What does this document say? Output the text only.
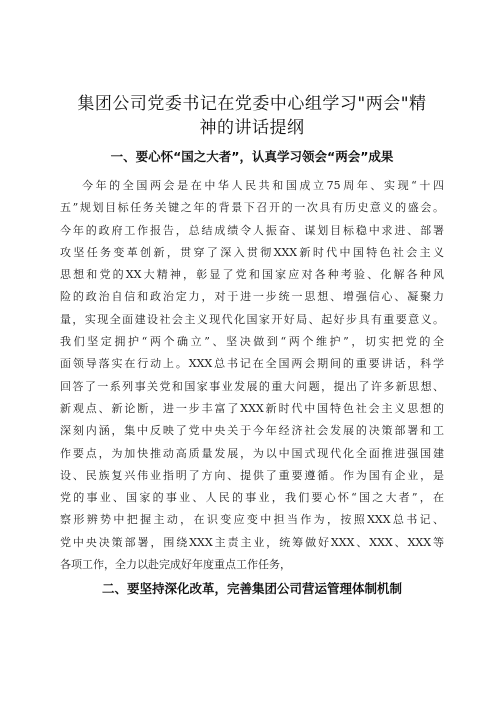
集团公司党委书记在党委中心组学习"两会"精
神的讲话提纲
一、要心怀“国之大者”，认真学习领会“两会”成果
今年的全国两会是在中华人民共和国成立75周年、实现“十四
五”规划目标任务关键之年的背景下召开的一次具有历史意义的盛会。
今年的政府工作报告，总结成绩令人振奋、谋划目标稳中求进、部署
攻坚任务变革创新，贯穿了深入贯彻XXX新时代中国特色社会主义
思想和党的XX大精神，彰显了党和国家应对各种考验、化解各种风
险的政治自信和政治定力，对于进一步统一思想、增强信心、凝聚力
量，实现全面建设社会主义现代化国家开好局、起好步具有重要意义。
我们坚定拥护“两个确立”、坚决做到“两个维护”，切实把党的全
面领导落实在行动上。XXX总书记在全国两会期间的重要讲话，科学
回答了一系列事关党和国家事业发展的重大问题，提出了许多新思想、
新观点、新论断，进一步丰富了XXX新时代中国特色社会主义思想的
深刻内涵，集中反映了党中央关于今年经济社会发展的决策部署和工
作要点，为加快推动高质量发展，为以中国式现代化全面推进强国建
设、民族复兴伟业指明了方向、提供了重要遵循。作为国有企业，是
党的事业、国家的事业、人民的事业，我们要心怀“国之大者”，在
察形辨势中把握主动，在识变应变中担当作为，按照XXX总书记、
党中央决策部署，围绕XXX主责主业，统筹做好XXX、XXX、XXX等
各项工作，全力以赴完成好年度重点工作任务，
二、要坚持深化改革，完善集团公司营运管理体制机制
